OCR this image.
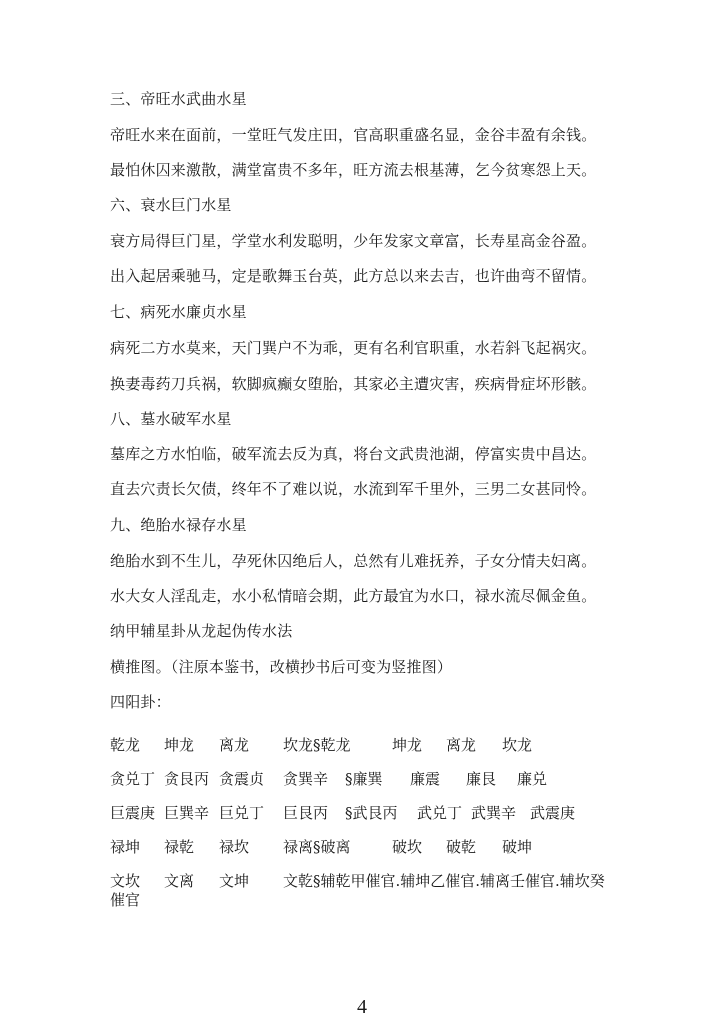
三、帝旺水武曲水星
帝旺水来在面前，一堂旺气发庄田，官高职重盛名显，金谷丰盈有余钱。
最怕休囚来激散，满堂富贵不多年，旺方流去根基薄，乞今贫寒怨上天。
六、衰水巨门水星
衰方局得巨门星，学堂水利发聪明，少年发家文章富，长寿星高金谷盈。
出入起居乘驰马，定是歌舞玉台英，此方总以来去吉，也许曲弯不留情。
七、病死水廉贞水星
病死二方水莫来，天门巽户不为乖，更有名利官职重，水若斜飞起祸灾。
换妻毒药刀兵祸，软脚疯癫女堕胎，其家必主遭灾害，疾病骨症坏形骸。
八、墓水破军水星
墓库之方水怕临，破军流去反为真，将台文武贵池湖，停富实贵中昌达。
直去穴责长欠债，终年不了难以说，水流到军千里外，三男二女甚同怜。
九、绝胎水禄存水星
绝胎水到不生儿，孕死休囚绝后人，总然有儿难抚养，子女分情夫妇离。
水大女人淫乱走，水小私情暗会期，此方最宜为水口，禄水流尽佩金鱼。
纳甲辅星卦从龙起伪传水法
横推图。（注原本鉴书，改横抄书后可变为竖推图）
四阳卦：
乾龙 坤龙 离龙 坎龙§乾龙	坤龙 离龙 坎龙
贪兑丁 贪艮丙 贪震贞 贪巽辛 §廉巽 廉震 廉艮 廉兑
巨震庚 巨巽辛 巨兑丁 巨艮丙 §武艮丙 武兑丁 武巽辛 武震庚
禄坤 禄乾 禄坎 禄离§破离	破坎 破乾 破坤
文坎 文离 文坤 文乾§辅乾甲催官.辅坤乙催官.辅离壬催官.辅坎癸
催官
4
